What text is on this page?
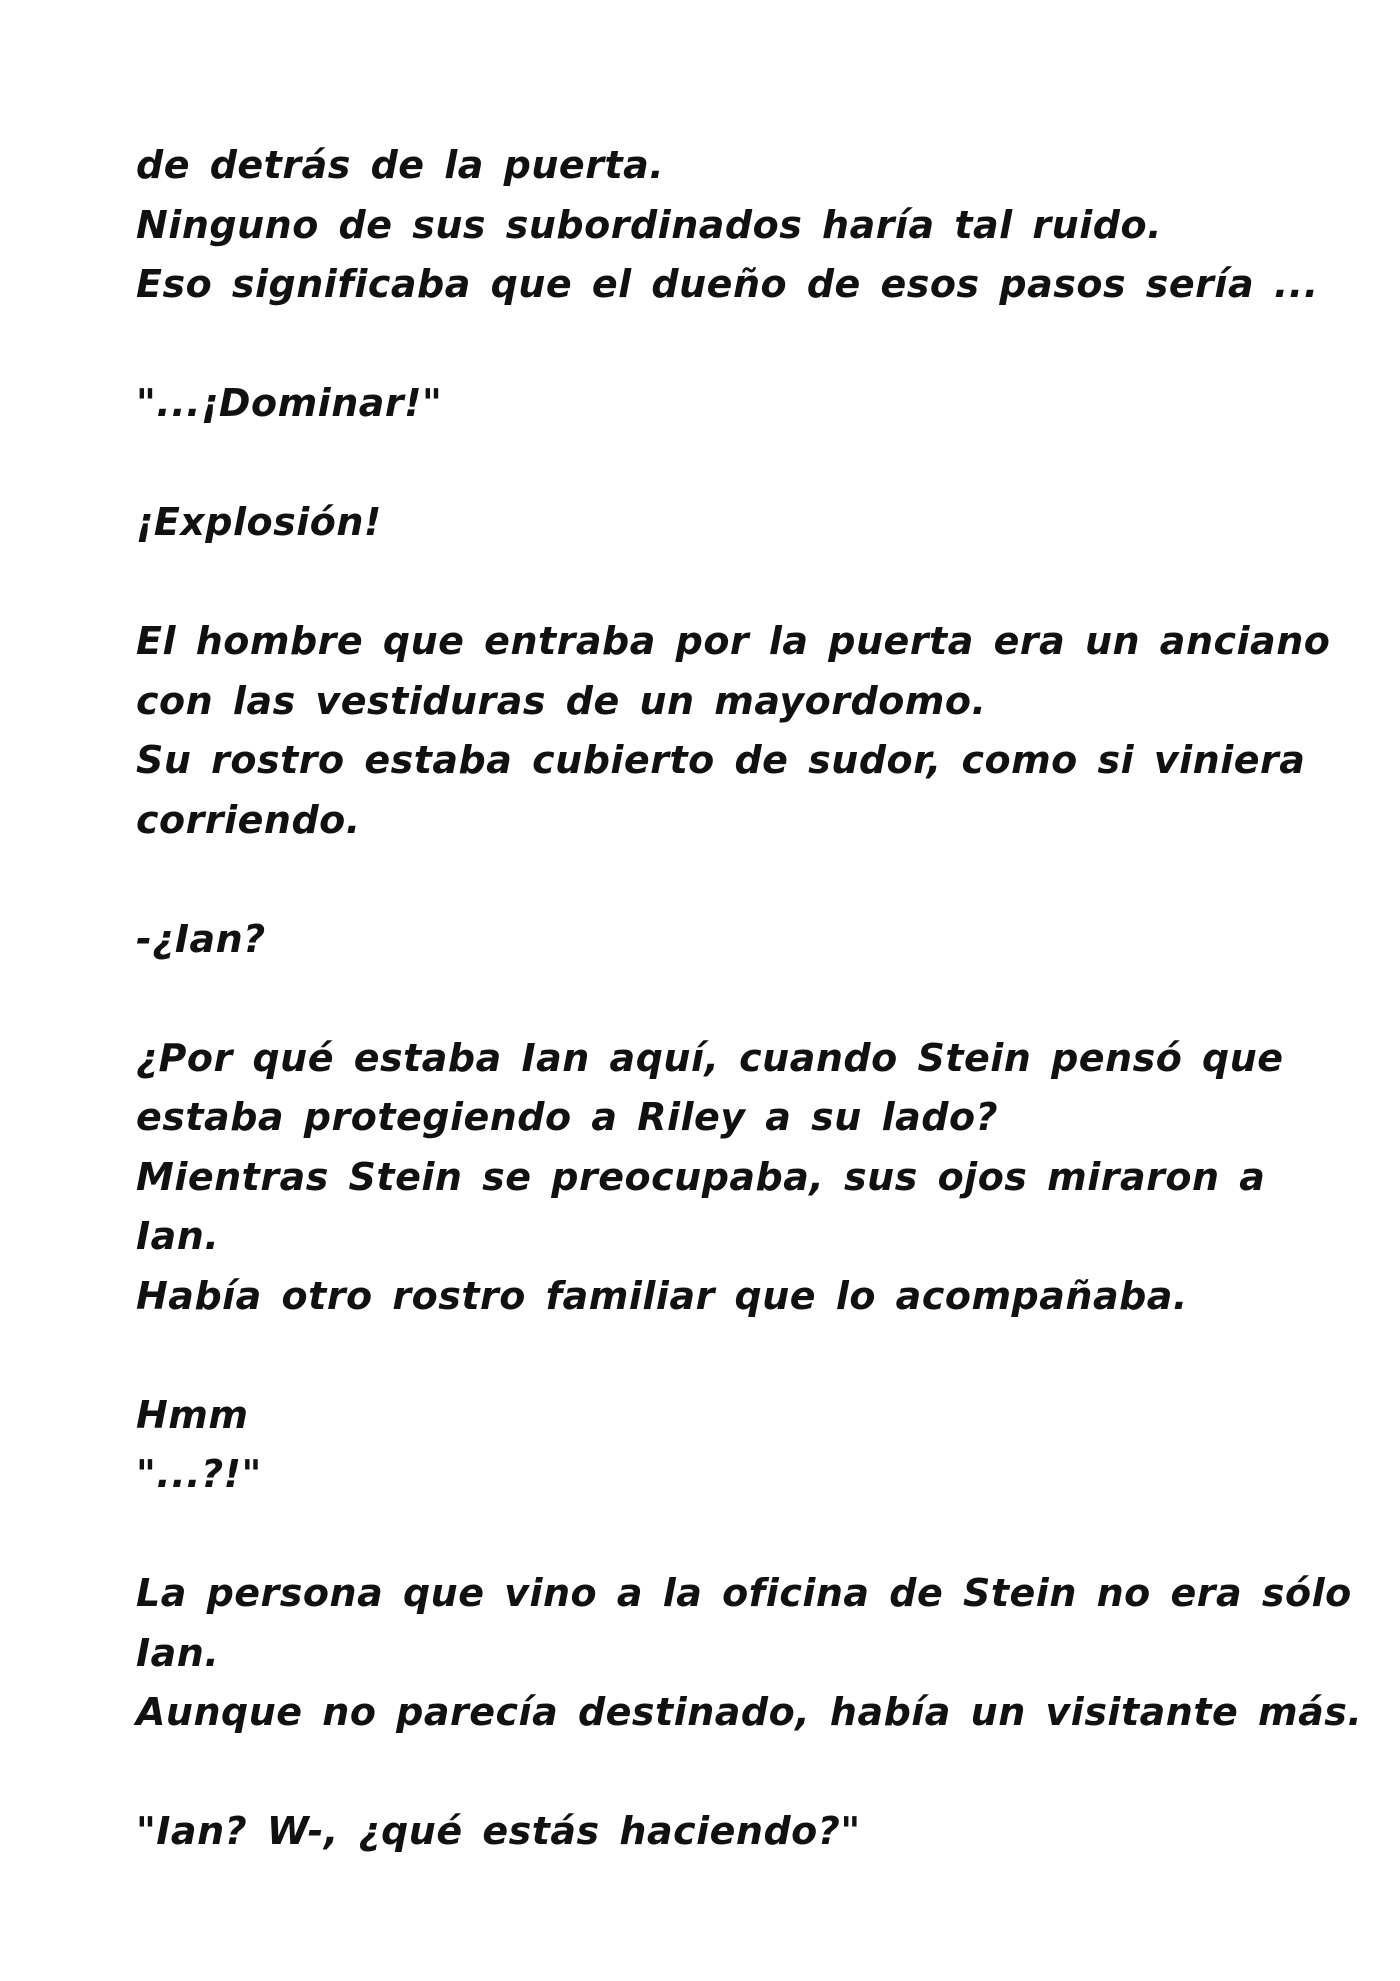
de detrás de la puerta.
Ninguno de sus subordinados haría tal ruido.
Eso significaba que el dueño de esos pasos sería ...
"...¡Dominar!"
¡Explosión!
El hombre que entraba por la puerta era un anciano
con las vestiduras de un mayordomo.
Su rostro estaba cubierto de sudor, como si viniera
corriendo.
-¿Ian?
¿Por qué estaba Ian aquí, cuando Stein pensó que
estaba protegiendo a Riley a su lado?
Mientras Stein se preocupaba, sus ojos miraron a
Ian.
Había otro rostro familiar que lo acompañaba.
Hmm
"...?!"
La persona que vino a la oficina de Stein no era sólo
Ian.
Aunque no parecía destinado, había un visitante más.
"Ian? W-, ¿qué estás haciendo?"
